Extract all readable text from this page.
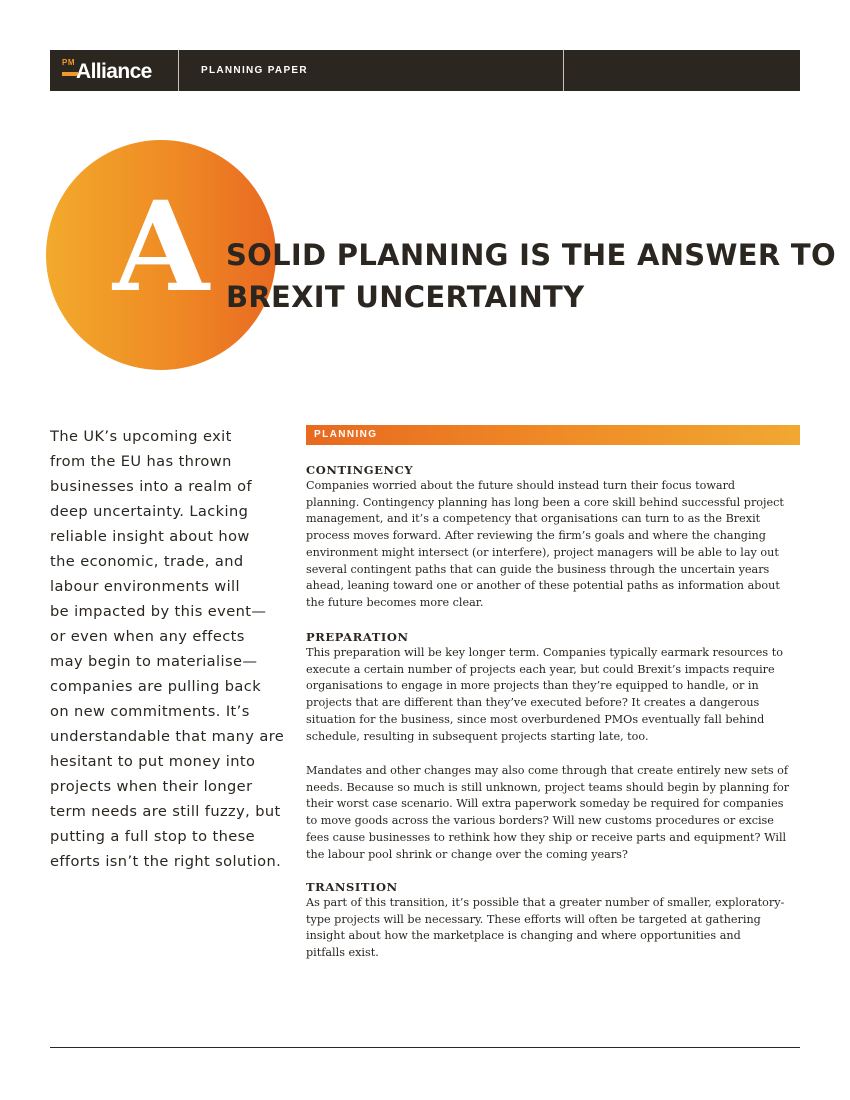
PM Alliance	PLANNING PAPER
A SOLID PLANNING IS THE ANSWER TO
BREXIT UNCERTAINTY
The UK’s upcoming exit
from the EU has thrown
businesses into a realm of
deep uncertainty. Lacking
reliable insight about how
the economic, trade, and
labour environments will
be impacted by this event—
or even when any effects
may begin to materialise—
companies are pulling back
on new commitments. It’s
understandable that many are
hesitant to put money into
projects when their longer
term needs are still fuzzy, but
putting a full stop to these
efforts isn’t the right solution.
PLANNING
CONTINGENCY
Companies worried about the future should instead turn their focus toward
planning. Contingency planning has long been a core skill behind successful project
management, and it’s a competency that organisations can turn to as the Brexit
process moves forward. After reviewing the firm’s goals and where the changing
environment might intersect (or interfere), project managers will be able to lay out
several contingent paths that can guide the business through the uncertain years
ahead, leaning toward one or another of these potential paths as information about
the future becomes more clear.
PREPARATION
This preparation will be key longer term. Companies typically earmark resources to
execute a certain number of projects each year, but could Brexit’s impacts require
organisations to engage in more projects than they’re equipped to handle, or in
projects that are different than they’ve executed before? It creates a dangerous
situation for the business, since most overburdened PMOs eventually fall behind
schedule, resulting in subsequent projects starting late, too.
Mandates and other changes may also come through that create entirely new sets of
needs. Because so much is still unknown, project teams should begin by planning for
their worst case scenario. Will extra paperwork someday be required for companies
to move goods across the various borders? Will new customs procedures or excise
fees cause businesses to rethink how they ship or receive parts and equipment? Will
the labour pool shrink or change over the coming years?
TRANSITION
As part of this transition, it’s possible that a greater number of smaller, exploratory-
type projects will be necessary. These efforts will often be targeted at gathering
insight about how the marketplace is changing and where opportunities and
pitfalls exist.
